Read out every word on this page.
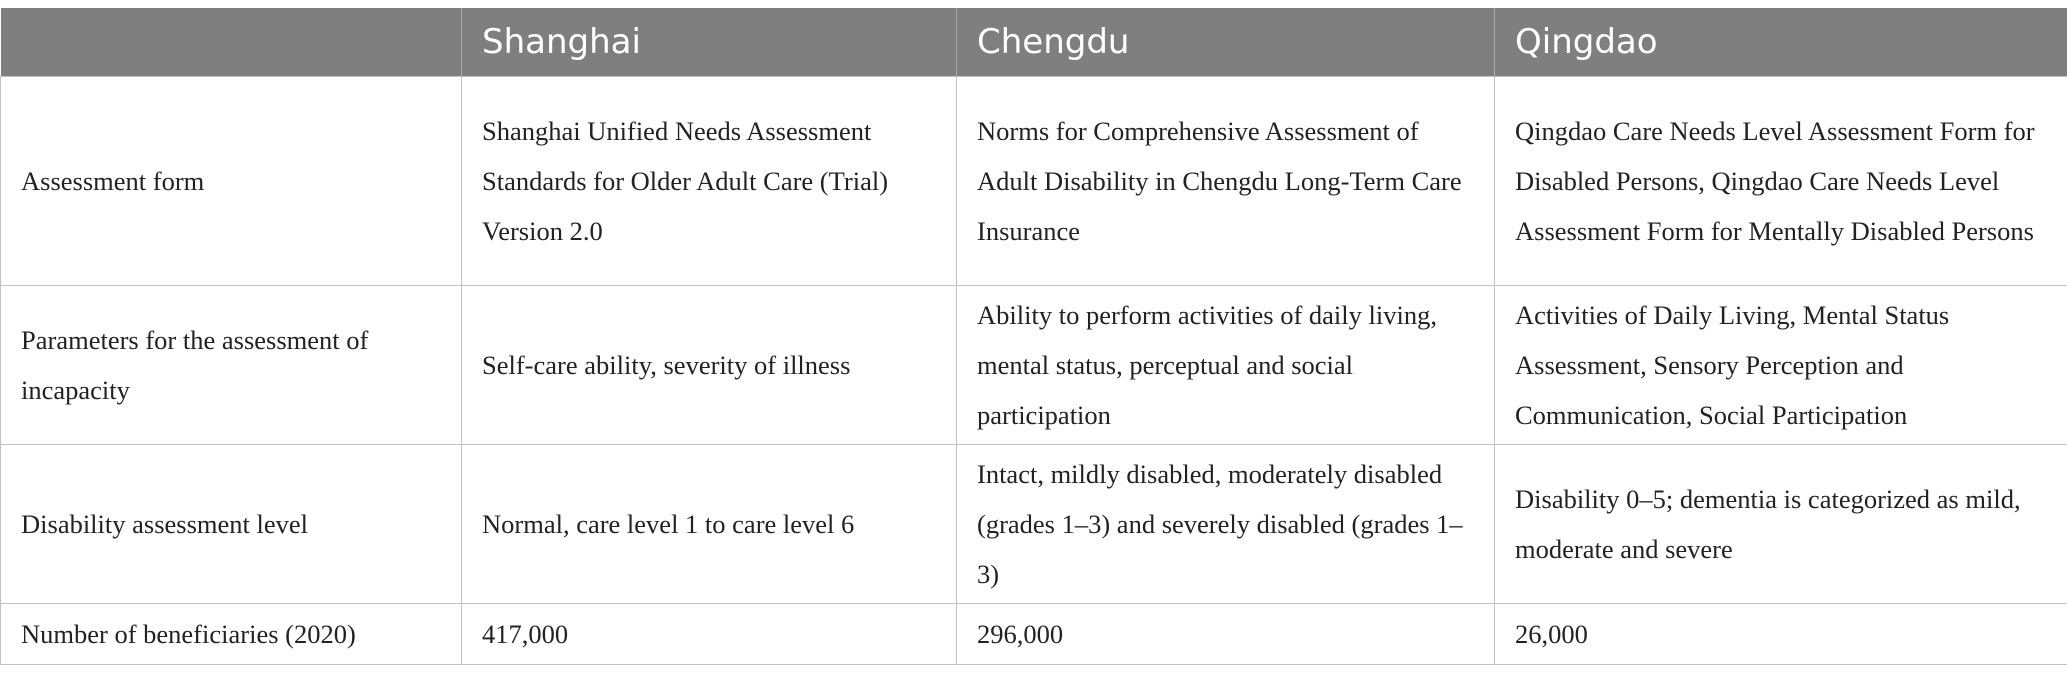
	Shanghai	Chengdu	Qingdao
Assessment form	Shanghai Unified Needs Assessment Standards for Older Adult Care (Trial) Version 2.0	Norms for Comprehensive Assessment of Adult Disability in Chengdu Long-Term Care Insurance	Qingdao Care Needs Level Assessment Form for Disabled Persons, Qingdao Care Needs Level Assessment Form for Mentally Disabled Persons
Parameters for the assessment of incapacity	Self-care ability, severity of illness	Ability to perform activities of daily living, mental status, perceptual and social participation	Activities of Daily Living, Mental Status Assessment, Sensory Perception and Communication, Social Participation
Disability assessment level	Normal, care level 1 to care level 6	Intact, mildly disabled, moderately disabled (grades 1–3) and severely disabled (grades 1–3)	Disability 0–5; dementia is categorized as mild, moderate and severe
Number of beneficiaries (2020)	417,000	296,000	26,000
